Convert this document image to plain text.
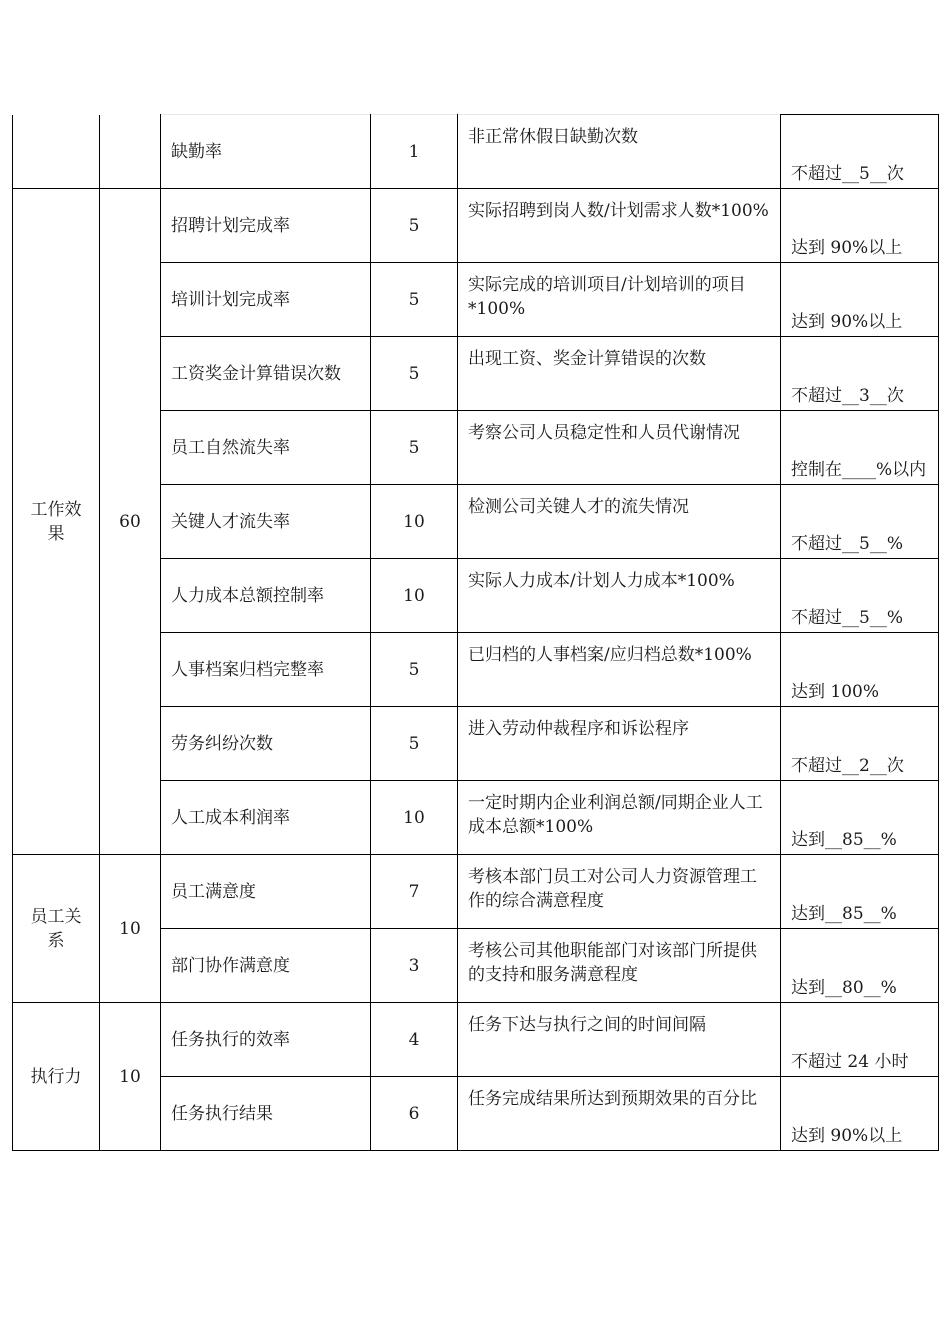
		缺勤率	1	非正常休假日缺勤次数	不超过__5__次
工作效果	60	招聘计划完成率	5	实际招聘到岗人数/计划需求人数*100%	达到 90%以上
		培训计划完成率	5	实际完成的培训项目/计划培训的项目*100%	达到 90%以上
		工资奖金计算错误次数	5	出现工资、奖金计算错误的次数	不超过__3__次
		员工自然流失率	5	考察公司人员稳定性和人员代谢情况	控制在____%以内
		关键人才流失率	10	检测公司关键人才的流失情况	不超过__5__%
		人力成本总额控制率	10	实际人力成本/计划人力成本*100%	不超过__5__%
		人事档案归档完整率	5	已归档的人事档案/应归档总数*100%	达到 100%
		劳务纠纷次数	5	进入劳动仲裁程序和诉讼程序	不超过__2__次
		人工成本利润率	10	一定时期内企业利润总额/同期企业人工成本总额*100%	达到__85__%
员工关系	10	员工满意度	7	考核本部门员工对公司人力资源管理工作的综合满意程度	达到__85__%
		部门协作满意度	3	考核公司其他职能部门对该部门所提供的支持和服务满意程度	达到__80__%
执行力	10	任务执行的效率	4	任务下达与执行之间的时间间隔	不超过 24 小时
		任务执行结果	6	任务完成结果所达到预期效果的百分比	达到 90%以上
